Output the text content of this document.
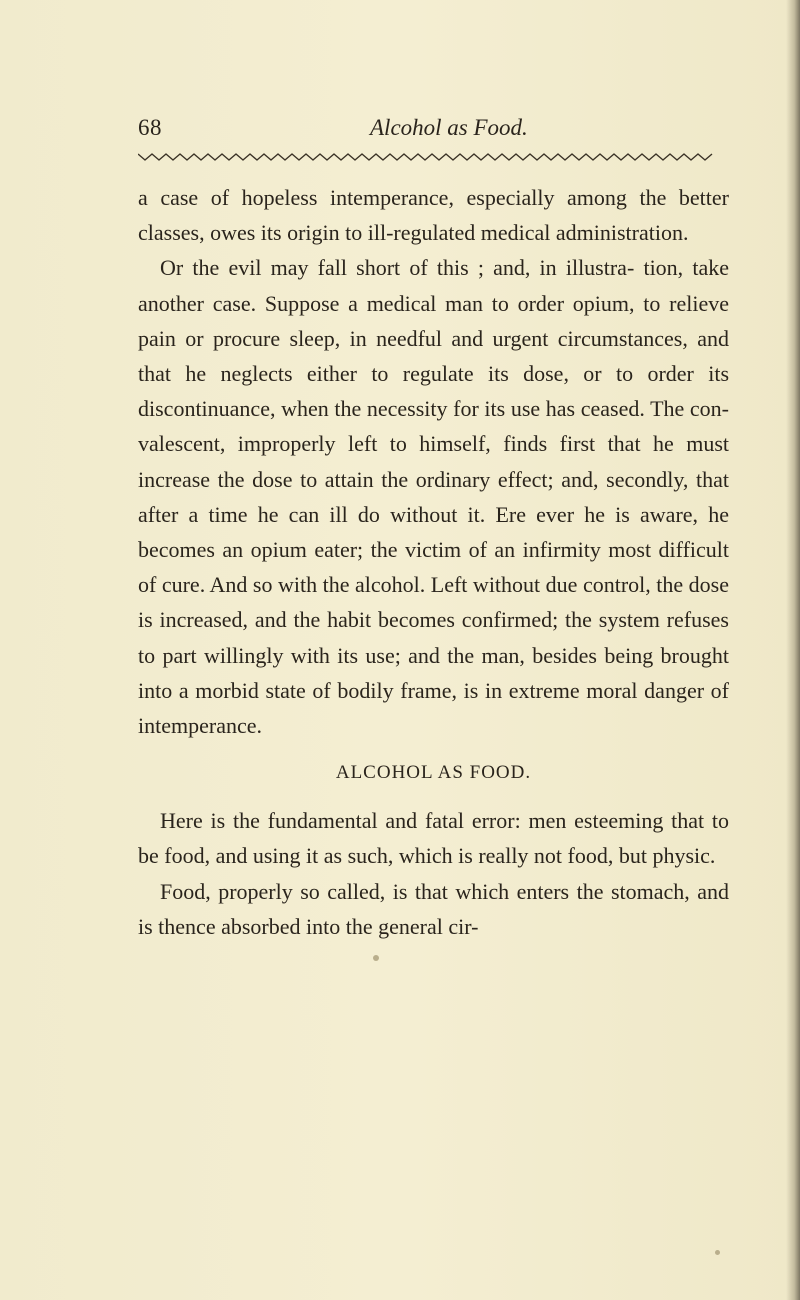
68	Alcohol as Food.

a case of hopeless intemperance, especially among the better classes, owes its origin to ill-regulated medical administration.

Or the evil may fall short of this ; and, in illustra- tion, take another case. Suppose a medical man to order opium, to relieve pain or procure sleep, in needful and urgent circumstances, and that he neglects either to regulate its dose, or to order its discontinuance, when the necessity for its use has ceased. The con- valescent, improperly left to himself, finds first that he must increase the dose to attain the ordinary effect; and, secondly, that after a time he can ill do without it. Ere ever he is aware, he becomes an opium eater; the victim of an infirmity most difficult of cure. And so with the alcohol. Left without due control, the dose is increased, and the habit becomes confirmed; the system refuses to part willingly with its use; and the man, besides being brought into a morbid state of bodily frame, is in extreme moral danger of intemperance.

ALCOHOL AS FOOD.

Here is the fundamental and fatal error: men esteeming that to be food, and using it as such, which is really not food, but physic.

Food, properly so called, is that which enters the stomach, and is thence absorbed into the general cir-
